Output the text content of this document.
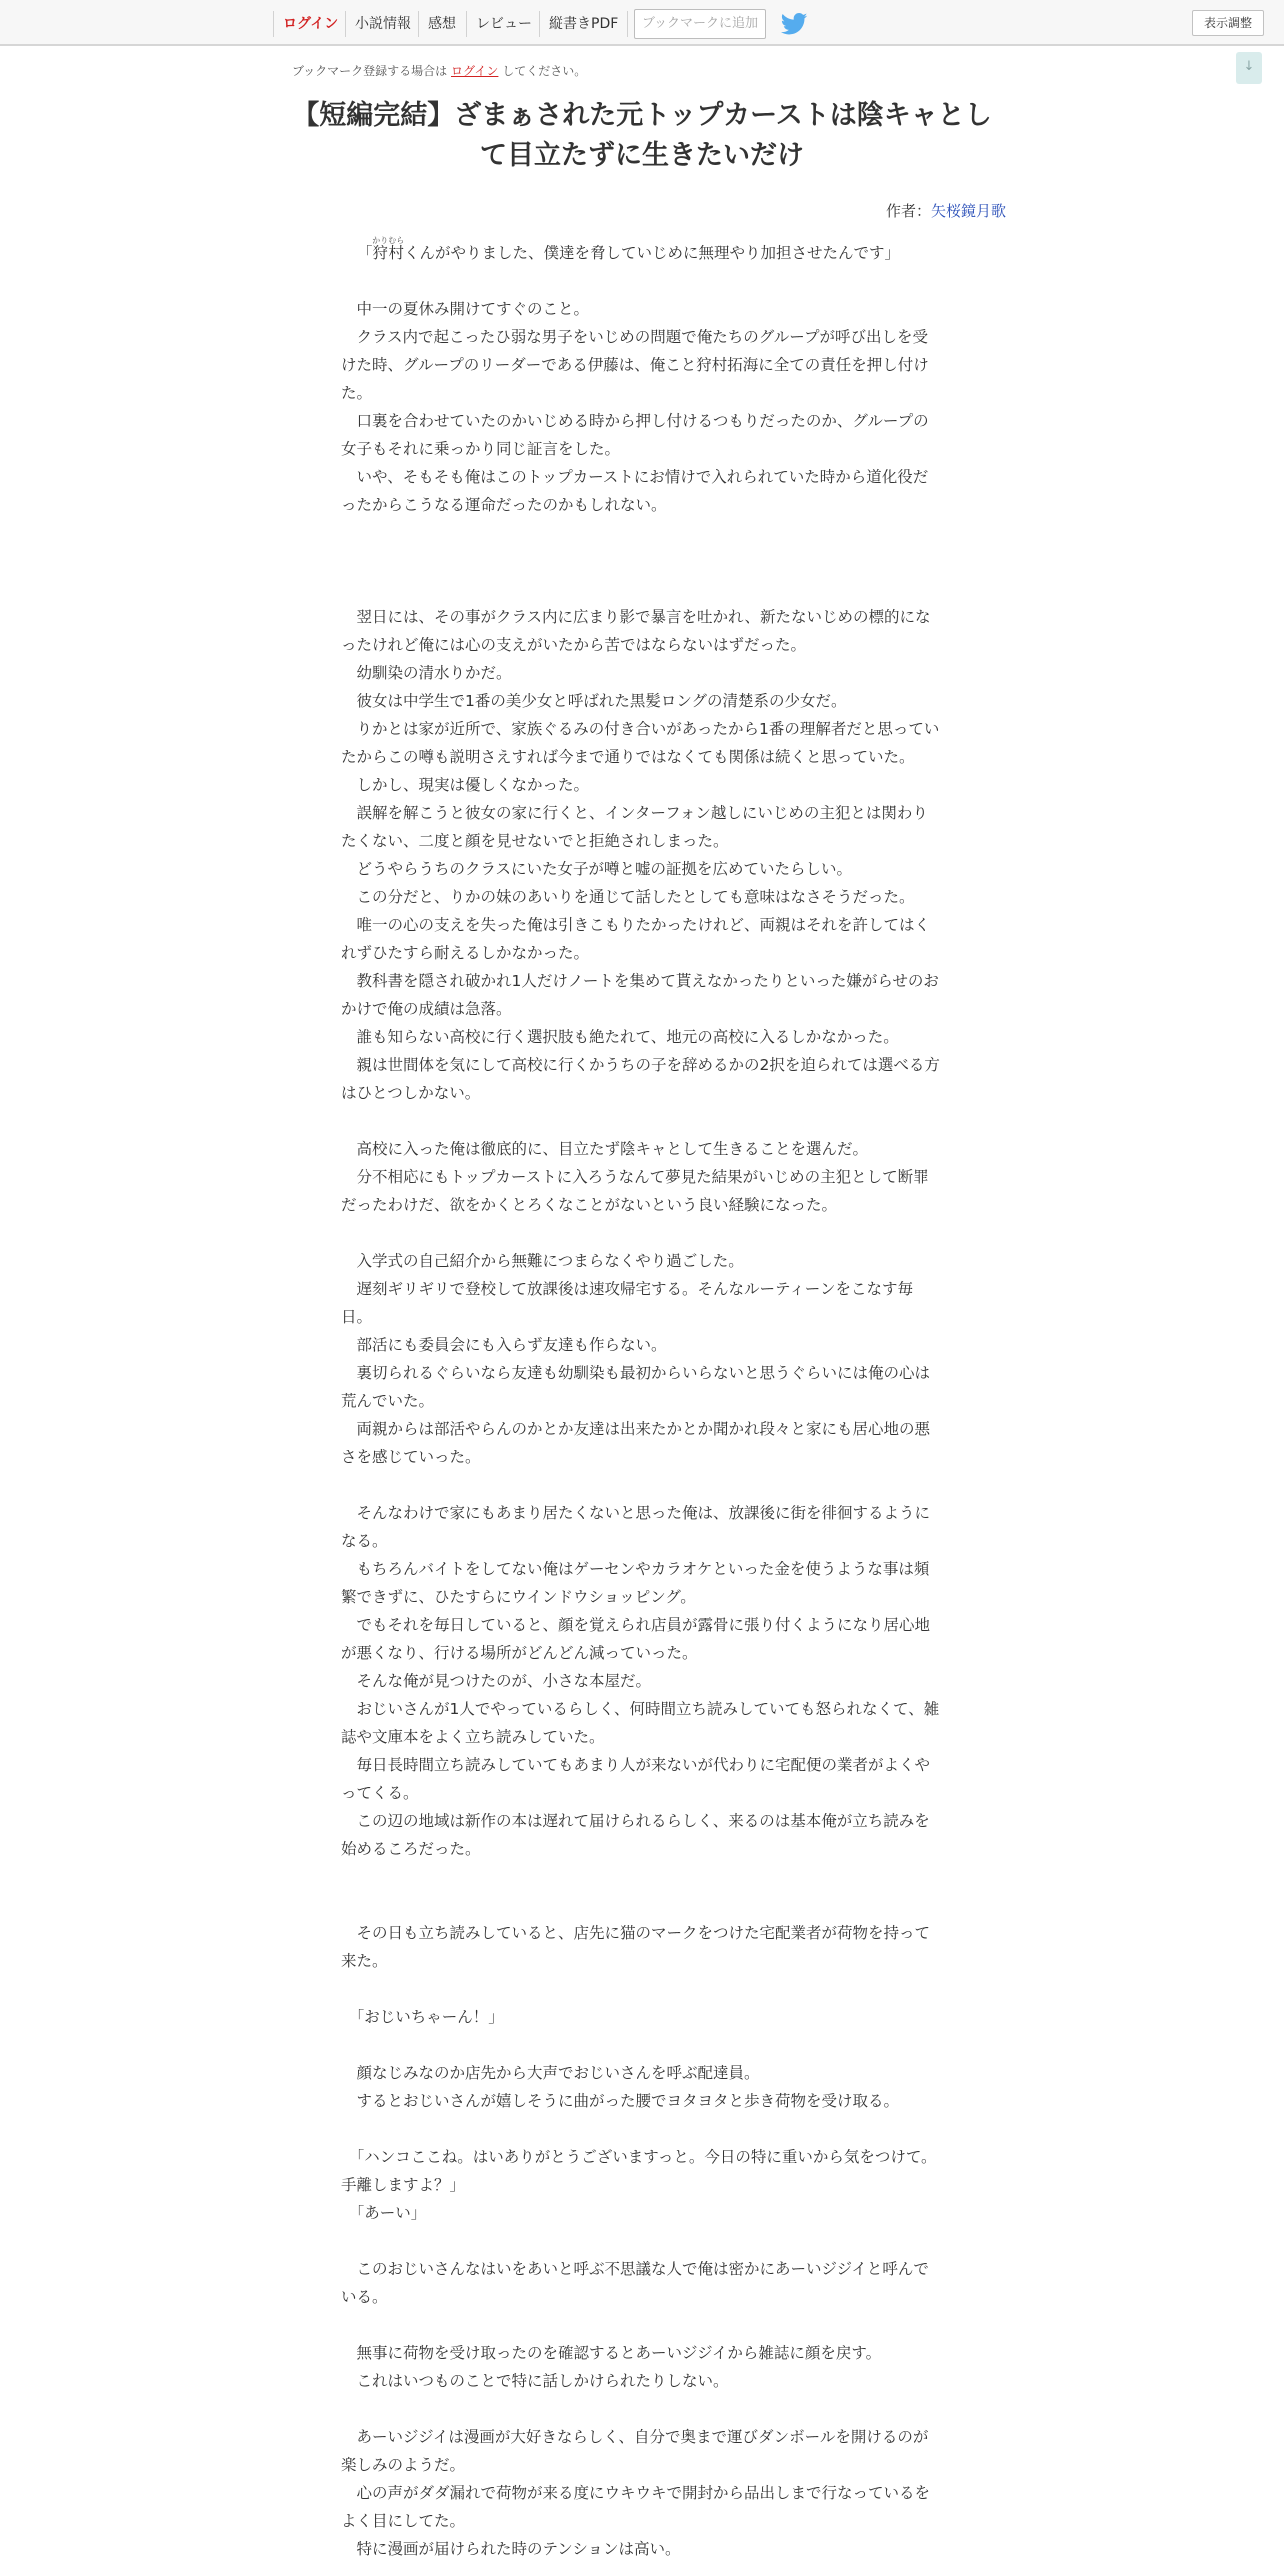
ログイン	小説情報	感想	レビュー	縦書きPDF	ブックマークに追加	表示調整
↓
ブックマーク登録する場合は ログイン してください。
【短編完結】ざまぁされた元トップカーストは陰キャとして目立たずに生きたいだけ
作者：矢桜鏡月歌

「狩村かりむらくんがやりました、僕達を脅していじめに無理やり加担させたんです」

　中一の夏休み開けてすぐのこと。

　クラス内で起こったひ弱な男子をいじめの問題で俺たちのグループが呼び出しを受けた時、グループのリーダーである伊藤は、俺こと狩村拓海に全ての責任を押し付けた。

　口裏を合わせていたのかいじめる時から押し付けるつもりだったのか、グループの女子もそれに乗っかり同じ証言をした。

　いや、そもそも俺はこのトップカーストにお情けで入れられていた時から道化役だったからこうなる運命だったのかもしれない。

　翌日には、その事がクラス内に広まり影で暴言を吐かれ、新たないじめの標的になったけれど俺には心の支えがいたから苦ではならないはずだった。

　幼馴染の清水りかだ。

　彼女は中学生で1番の美少女と呼ばれた黒髪ロングの清楚系の少女だ。

　りかとは家が近所で、家族ぐるみの付き合いがあったから1番の理解者だと思っていたからこの噂も説明さえすれば今まで通りではなくても関係は続くと思っていた。

　しかし、現実は優しくなかった。

　誤解を解こうと彼女の家に行くと、インターフォン越しにいじめの主犯とは関わりたくない、二度と顔を見せないでと拒絶されしまった。

　どうやらうちのクラスにいた女子が噂と嘘の証拠を広めていたらしい。

　この分だと、りかの妹のあいりを通じて話したとしても意味はなさそうだった。

　唯一の心の支えを失った俺は引きこもりたかったけれど、両親はそれを許してはくれずひたすら耐えるしかなかった。

　教科書を隠され破かれ1人だけノートを集めて貰えなかったりといった嫌がらせのおかけで俺の成績は急落。

　誰も知らない高校に行く選択肢も絶たれて、地元の高校に入るしかなかった。

　親は世間体を気にして高校に行くかうちの子を辞めるかの2択を迫られては選べる方はひとつしかない。

　高校に入った俺は徹底的に、目立たず陰キャとして生きることを選んだ。

　分不相応にもトップカーストに入ろうなんて夢見た結果がいじめの主犯として断罪だったわけだ、欲をかくとろくなことがないという良い経験になった。

　入学式の自己紹介から無難につまらなくやり過ごした。

　遅刻ギリギリで登校して放課後は速攻帰宅する。そんなルーティーンをこなす毎日。

　部活にも委員会にも入らず友達も作らない。

　裏切られるぐらいなら友達も幼馴染も最初からいらないと思うぐらいには俺の心は荒んでいた。

　両親からは部活やらんのかとか友達は出来たかとか聞かれ段々と家にも居心地の悪さを感じていった。

　そんなわけで家にもあまり居たくないと思った俺は、放課後に街を徘徊するようになる。

　もちろんバイトをしてない俺はゲーセンやカラオケといった金を使うような事は頻繁できずに、ひたすらにウインドウショッピング。

　でもそれを毎日していると、顔を覚えられ店員が露骨に張り付くようになり居心地が悪くなり、行ける場所がどんどん減っていった。

　そんな俺が見つけたのが、小さな本屋だ。

　おじいさんが1人でやっているらしく、何時間立ち読みしていても怒られなくて、雑誌や文庫本をよく立ち読みしていた。

　毎日長時間立ち読みしていてもあまり人が来ないが代わりに宅配便の業者がよくやってくる。

　この辺の地域は新作の本は遅れて届けられるらしく、来るのは基本俺が立ち読みを始めるころだった。

　その日も立ち読みしていると、店先に猫のマークをつけた宅配業者が荷物を持って来た。

　「おじいちゃーん！」

　顔なじみなのか店先から大声でおじいさんを呼ぶ配達員。

　するとおじいさんが嬉しそうに曲がった腰でヨタヨタと歩き荷物を受け取る。

　「ハンコここね。はいありがとうございますっと。今日の特に重いから気をつけて。手離しますよ？」

　「あーい」

　このおじいさんなはいをあいと呼ぶ不思議な人で俺は密かにあーいジジイと呼んでいる。

　無事に荷物を受け取ったのを確認するとあーいジジイから雑誌に顔を戻す。

　これはいつものことで特に話しかけられたりしない。

　あーいジジイは漫画が大好きならしく、自分で奥まで運びダンボールを開けるのが楽しみのようだ。

　心の声がダダ漏れで荷物が来る度にウキウキで開封から品出しまで行なっているをよく目にしてた。

　特に漫画が届けられた時のテンションは高い。
